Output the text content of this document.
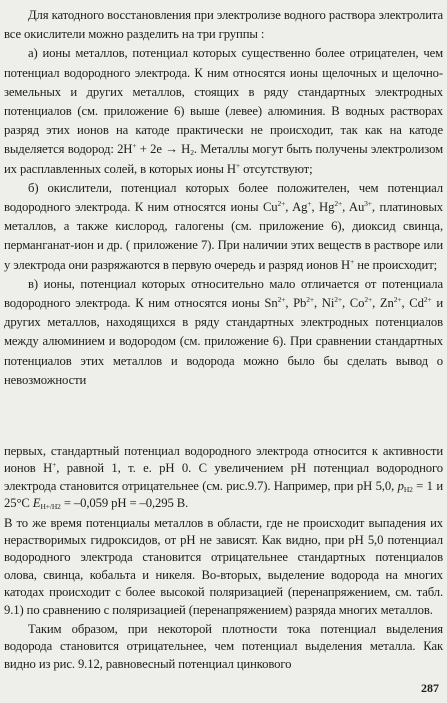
Для катодного восстановления при электролизе водного раствора электролита все окислители можно разделить на три группы :

а) ионы металлов, потенциал которых существенно более отрицателен, чем потенциал водородного электрода. К ним относятся ионы щелочных и щелочно-земельных и других металлов, стоящих в ряду стандартных электродных потенциалов (см. приложение 6) выше (левее) алюминия. В водных растворах разряд этих ионов на катоде практически не происходит, так как на катоде выделяется водород: $2H^+ + 2e \to H_2$. Металлы могут быть получены электролизом их расплавленных солей, в которых ионы H+ отсутствуют;

б) окислители, потенциал которых более положителен, чем потенциал водородного электрода. К ним относятся ионы $Cu^{2+}$, Ag+, $Hg^{2+}$, $Au^{3+}$, платиновых металлов, а также кислород, галогены (см. приложение 6), диоксид свинца, перманганат-ион и др. ( приложение 7). При наличии этих веществ в растворе или у электрода они разряжаются в первую очередь и разряд ионов H+ не происходит;

в) ионы, потенциал которых относительно мало отличается от потенциала водородного электрода. К ним относятся ионы $Sn^{2+}$, $Pb^{2+}$, $Ni^{2+}$, $Co^{2+}$, $Zn^{2+}$, $Cd^{2+}$ и других металлов, находящихся в ряду стандартных электродных потенциалов между алюминием и водородом (см. приложение 6). При сравнении стандартных потенциалов этих металлов и водорода можно было бы сделать вывод о невозможности

первых, стандартный потенциал водородного электрода относится к активности ионов H+, равной 1, т. е. pH 0. С увеличением pH потенциал водородного электрода становится отрицательнее (см. рис.9.7). Например, при pH 5,0, $p_{H2} = 1$ и 25°C $E_{H+/H2} = -0,059$ pH = –0,295 B.

В то же время потенциалы металлов в области, где не происходит выпадения их нерастворимых гидроксидов, от pH не зависят. Как видно, при pH 5,0 потенциал водородного электрода становится отрицательнее стандартных потенциалов олова, свинца, кобальта и никеля. Во-вторых, выделение водорода на многих катодах происходит с более высокой поляризацией (перенапряжением, см. табл. 9.1) по сравнению с поляризацией (перенапряжением) разряда многих металлов.

Таким образом, при некоторой плотности тока потенциал выделения водорода становится отрицательнее, чем потенциал выделения металла. Как видно из рис. 9.12, равновесный потенциал цинкового

287
